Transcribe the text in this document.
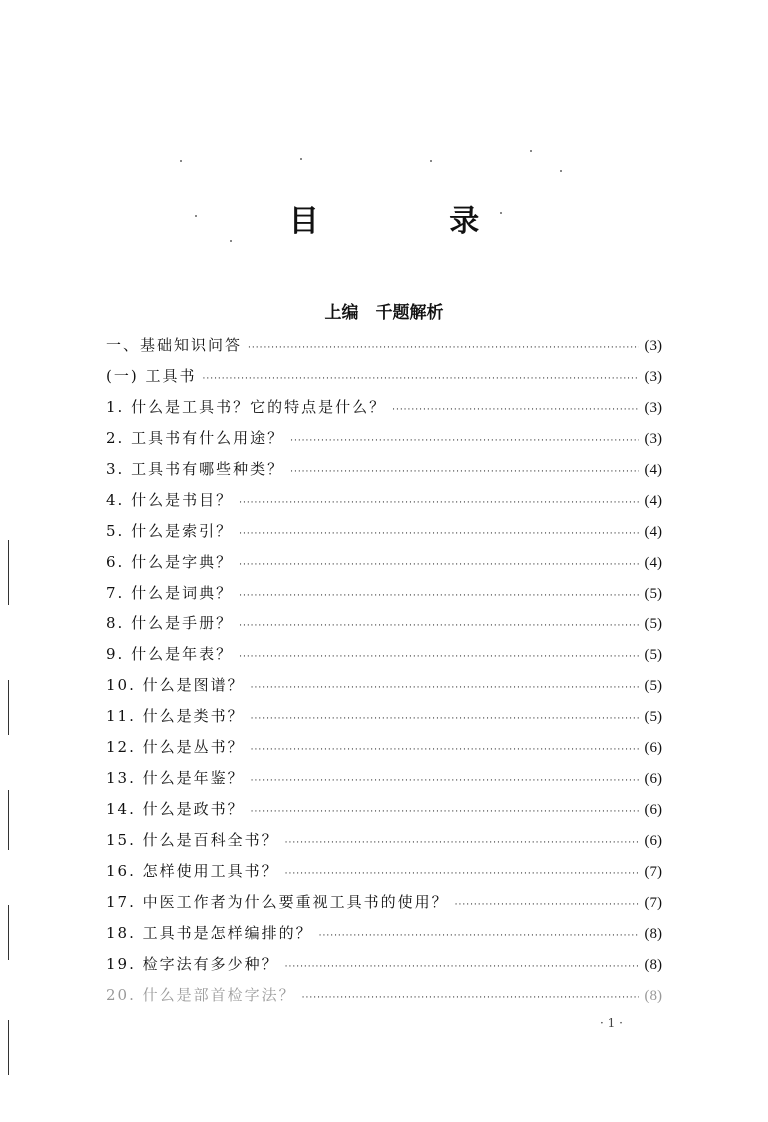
目 录
上编　千题解析
一、基础知识问答 ·····	(3)
(一) 工具书 ·····	(3)
1. 什么是工具书？它的特点是什么？ ·····	(3)
2. 工具书有什么用途？ ·····	(3)
3. 工具书有哪些种类？ ·····	(4)
4. 什么是书目？ ·····	(4)
5. 什么是索引？ ·····	(4)
6. 什么是字典？ ·····	(4)
7. 什么是词典？ ·····	(5)
8. 什么是手册？ ·····	(5)
9. 什么是年表？ ·····	(5)
10. 什么是图谱？ ·····	(5)
11. 什么是类书？ ·····	(5)
12. 什么是丛书？ ·····	(6)
13. 什么是年鉴？ ·····	(6)
14. 什么是政书？ ·····	(6)
15. 什么是百科全书？ ·····	(6)
16. 怎样使用工具书？ ·····	(7)
17. 中医工作者为什么要重视工具书的使用？ ·····	(7)
18. 工具书是怎样编排的？ ·····	(8)
19. 检字法有多少种？ ·····	(8)
20. 什么是部首检字法？ ·····	(8)
· 1 ·
